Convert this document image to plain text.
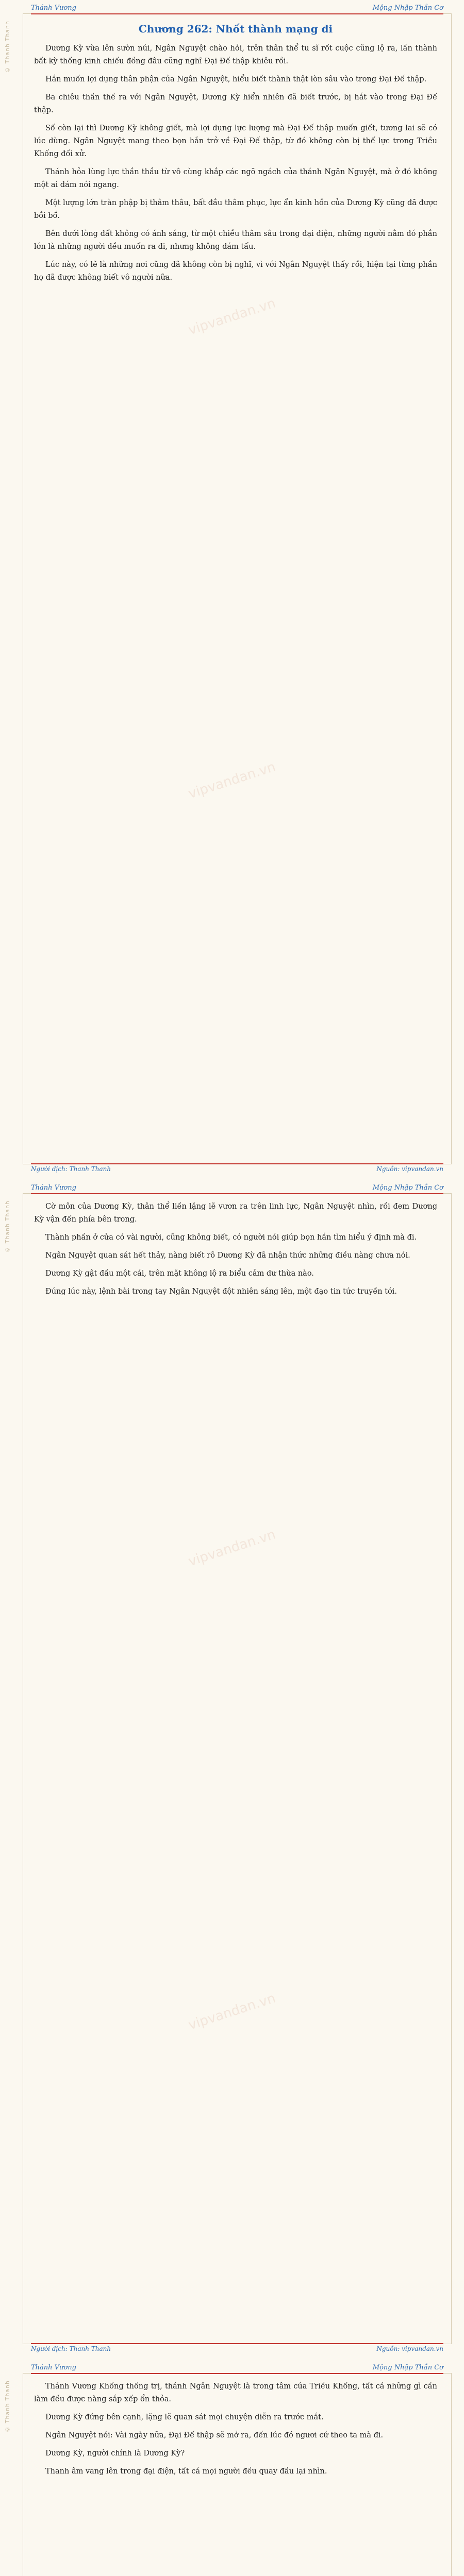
© Thanh Thanh
Thánh Vương	Mộng Nhập Thần Cơ
vipvandan.vn
vipvandan.vn
Chương 262: Nhốt thành mạng đi

Dương Kỳ vừa lên sườn núi, Ngân Nguyệt chào hỏi, trên thân thể tu sĩ rốt cuộc cũng lộ ra, lần thành bất kỳ thống kinh chiếu đồng đâu cũng nghĩ Đại Đế thập khiêu rồi.

Hắn muốn lợi dụng thân phận của Ngân Nguyệt, hiểu biết thành thật lòn sâu vào trong Đại Đế thập.

Ba chiêu thần thề ra với Ngân Nguyệt, Dương Kỳ hiển nhiên đã biết trước, bị hắt vào trong Đại Đế thập.

Số còn lại thì Dương Kỳ không giết, mà lợi dụng lực lượng mà Đại Đế thập muốn giết, tương lai sẽ có lúc dùng. Ngân Nguyệt mang theo bọn hắn trở về Đại Đế thập, từ đó không còn bị thế lực trong Triều Khống đối xử.

Thánh hỏa lùng lực thần thầu từ vô cùng khắp các ngõ ngách của thánh Ngân Nguyệt, mà ở đó không một ai dám nói ngang.

Một lượng lớn tràn phập bị thâm thâu, bất đầu thâm phục, lực ẩn kinh hồn của Dương Kỳ cũng đã được bồi bổ.

Bên dưới lòng đất không có ánh sáng, từ một chiều thâm sâu trong đại điện, những người nằm đó phần lớn là những người đều muốn ra đi, nhưng không dám tấu.

Lúc này, có lẽ là những nơi cũng đã không còn bị nghĩ, vì với Ngân Nguyệt thấy rồi, hiện tại từng phần họ đã được không biết vô người nữa.

Người dịch: Thanh Thanh	Nguồn: vipvandan.vn
© Thanh Thanh
Thánh Vương	Mộng Nhập Thần Cơ
vipvandan.vn
vipvandan.vn

Cờ môn của Dương Kỳ, thân thể liền lặng lẽ vươn ra trên linh lực, Ngân Nguyệt nhìn, rồi đem Dương Kỳ vận đến phía bên trong.

Thành phần ở cửa có vài người, cũng không biết, có người nói giúp bọn hắn tìm hiểu ý định mà đi.

Ngân Nguyệt quan sát hết thảy, nàng biết rõ Dương Kỳ đã nhận thức những điều nàng chưa nói.

Dương Kỳ gật đầu một cái, trên mặt không lộ ra biểu cảm dư thừa nào.

Đúng lúc này, lệnh bài trong tay Ngân Nguyệt đột nhiên sáng lên, một đạo tin tức truyền tới.

Người dịch: Thanh Thanh	Nguồn: vipvandan.vn
© Thanh Thanh
Thánh Vương	Mộng Nhập Thần Cơ

Thánh Vương Khống thống trị, thánh Ngân Nguyệt là trong tâm của Triều Khống, tất cả những gì cần làm đều được nàng sắp xếp ổn thỏa.

Dương Kỳ đứng bên cạnh, lặng lẽ quan sát mọi chuyện diễn ra trước mắt.

Ngân Nguyệt nói: Vài ngày nữa, Đại Đế thập sẽ mở ra, đến lúc đó ngươi cứ theo ta mà đi.

Dương Kỳ, người chính là Dương Kỳ?

Thanh âm vang lên trong đại điện, tất cả mọi người đều quay đầu lại nhìn.
